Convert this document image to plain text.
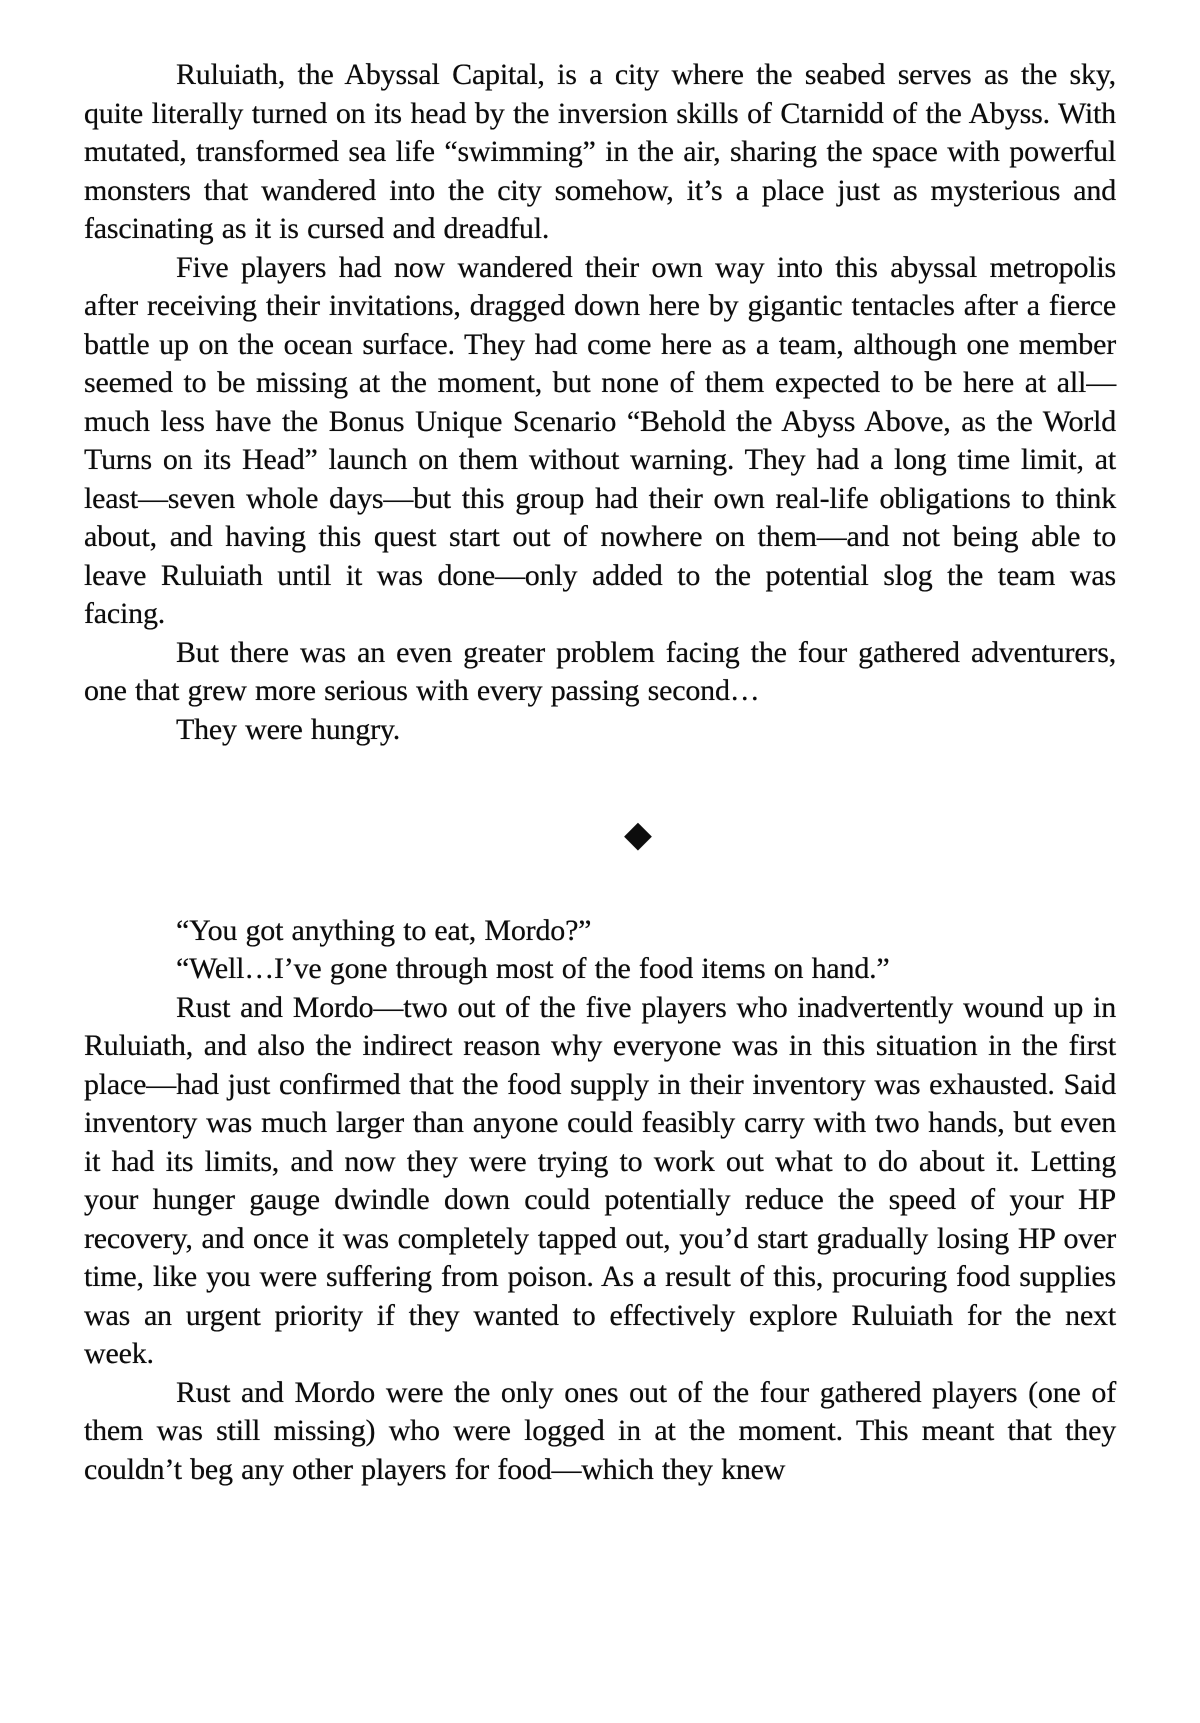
Ruluiath, the Abyssal Capital, is a city where the seabed serves as the sky, quite literally turned on its head by the inversion skills of Ctarnidd of the Abyss. With mutated, transformed sea life “swimming” in the air, sharing the space with powerful monsters that wandered into the city somehow, it’s a place just as mysterious and fascinating as it is cursed and dreadful.

Five players had now wandered their own way into this abyssal metropolis after receiving their invitations, dragged down here by gigantic tentacles after a fierce battle up on the ocean surface. They had come here as a team, although one member seemed to be missing at the moment, but none of them expected to be here at all—much less have the Bonus Unique Scenario “Behold the Abyss Above, as the World Turns on its Head” launch on them without warning. They had a long time limit, at least—seven whole days—but this group had their own real-life obligations to think about, and having this quest start out of nowhere on them—and not being able to leave Ruluiath until it was done—only added to the potential slog the team was facing.

But there was an even greater problem facing the four gathered adventurers, one that grew more serious with every passing second…

They were hungry.

◆

“You got anything to eat, Mordo?”

“Well…I’ve gone through most of the food items on hand.”

Rust and Mordo—two out of the five players who inadvertently wound up in Ruluiath, and also the indirect reason why everyone was in this situation in the first place—had just confirmed that the food supply in their inventory was exhausted. Said inventory was much larger than anyone could feasibly carry with two hands, but even it had its limits, and now they were trying to work out what to do about it. Letting your hunger gauge dwindle down could potentially reduce the speed of your HP recovery, and once it was completely tapped out, you’d start gradually losing HP over time, like you were suffering from poison. As a result of this, procuring food supplies was an urgent priority if they wanted to effectively explore Ruluiath for the next week.

Rust and Mordo were the only ones out of the four gathered players (one of them was still missing) who were logged in at the moment. This meant that they couldn’t beg any other players for food—which they knew
